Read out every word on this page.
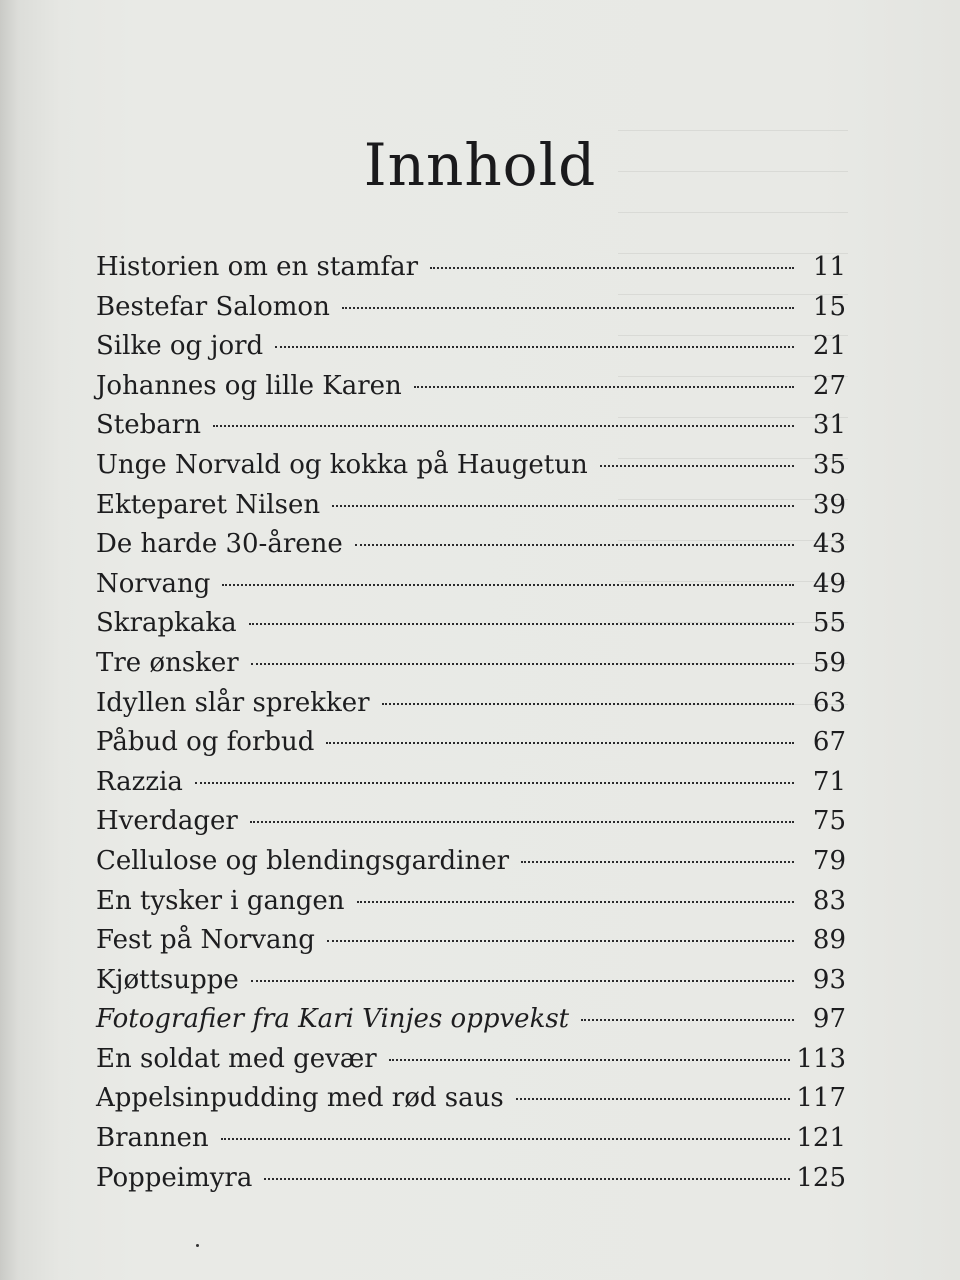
Innhold
Historien om en stamfar	11
Bestefar Salomon	15
Silke og jord	21
Johannes og lille Karen	27
Stebarn	31
Unge Norvald og kokka på Haugetun	35
Ekteparet Nilsen	39
De harde 30-årene	43
Norvang	49
Skrapkaka	55
Tre ønsker	59
Idyllen slår sprekker	63
Påbud og forbud	67
Razzia	71
Hverdager	75
Cellulose og blendingsgardiner	79
En tysker i gangen	83
Fest på Norvang	89
Kjøttsuppe	93
Fotografier fra Kari Vinjes oppvekst	97
En soldat med gevær	113
Appelsinpudding med rød saus	117
Brannen	121
Poppeimyra	125
